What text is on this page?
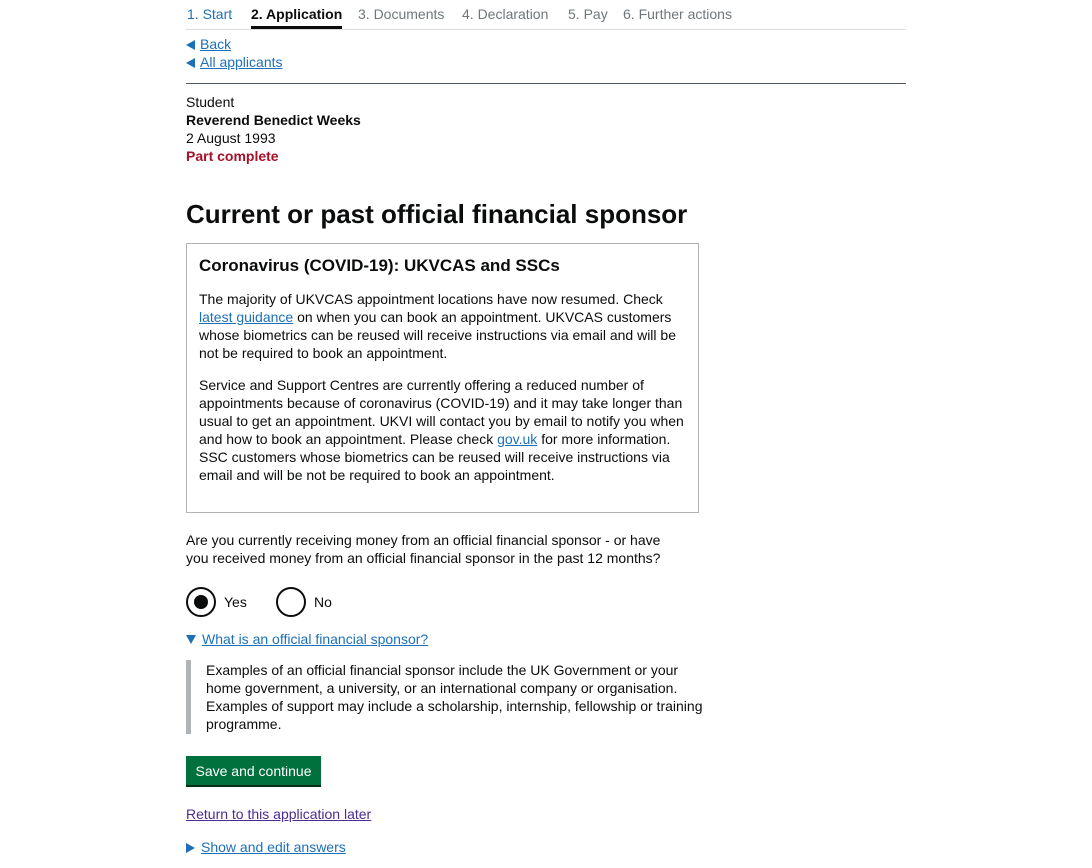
1. Start 2. Application 3. Documents 4. Declaration 5. Pay 6. Further actions
Back
All applicants
Student
Reverend Benedict Weeks
2 August 1993
Part complete
Current or past official financial sponsor
Coronavirus (COVID-19): UKVCAS and SSCs

The majority of UKVCAS appointment locations have now resumed. Check latest guidance on when you can book an appointment. UKVCAS customers whose biometrics can be reused will receive instructions via email and will be not be required to book an appointment.

Service and Support Centres are currently offering a reduced number of appointments because of coronavirus (COVID-19) and it may take longer than usual to get an appointment. UKVI will contact you by email to notify you when and how to book an appointment. Please check gov.uk for more information. SSC customers whose biometrics can be reused will receive instructions via email and will be not be required to book an appointment.

Are you currently receiving money from an official financial sponsor - or have you received money from an official financial sponsor in the past 12 months?
Yes	No
What is an official financial sponsor?
Examples of an official financial sponsor include the UK Government or your home government, a university, or an international company or organisation. Examples of support may include a scholarship, internship, fellowship or training programme.
Save and continue
Return to this application later
Show and edit answers
